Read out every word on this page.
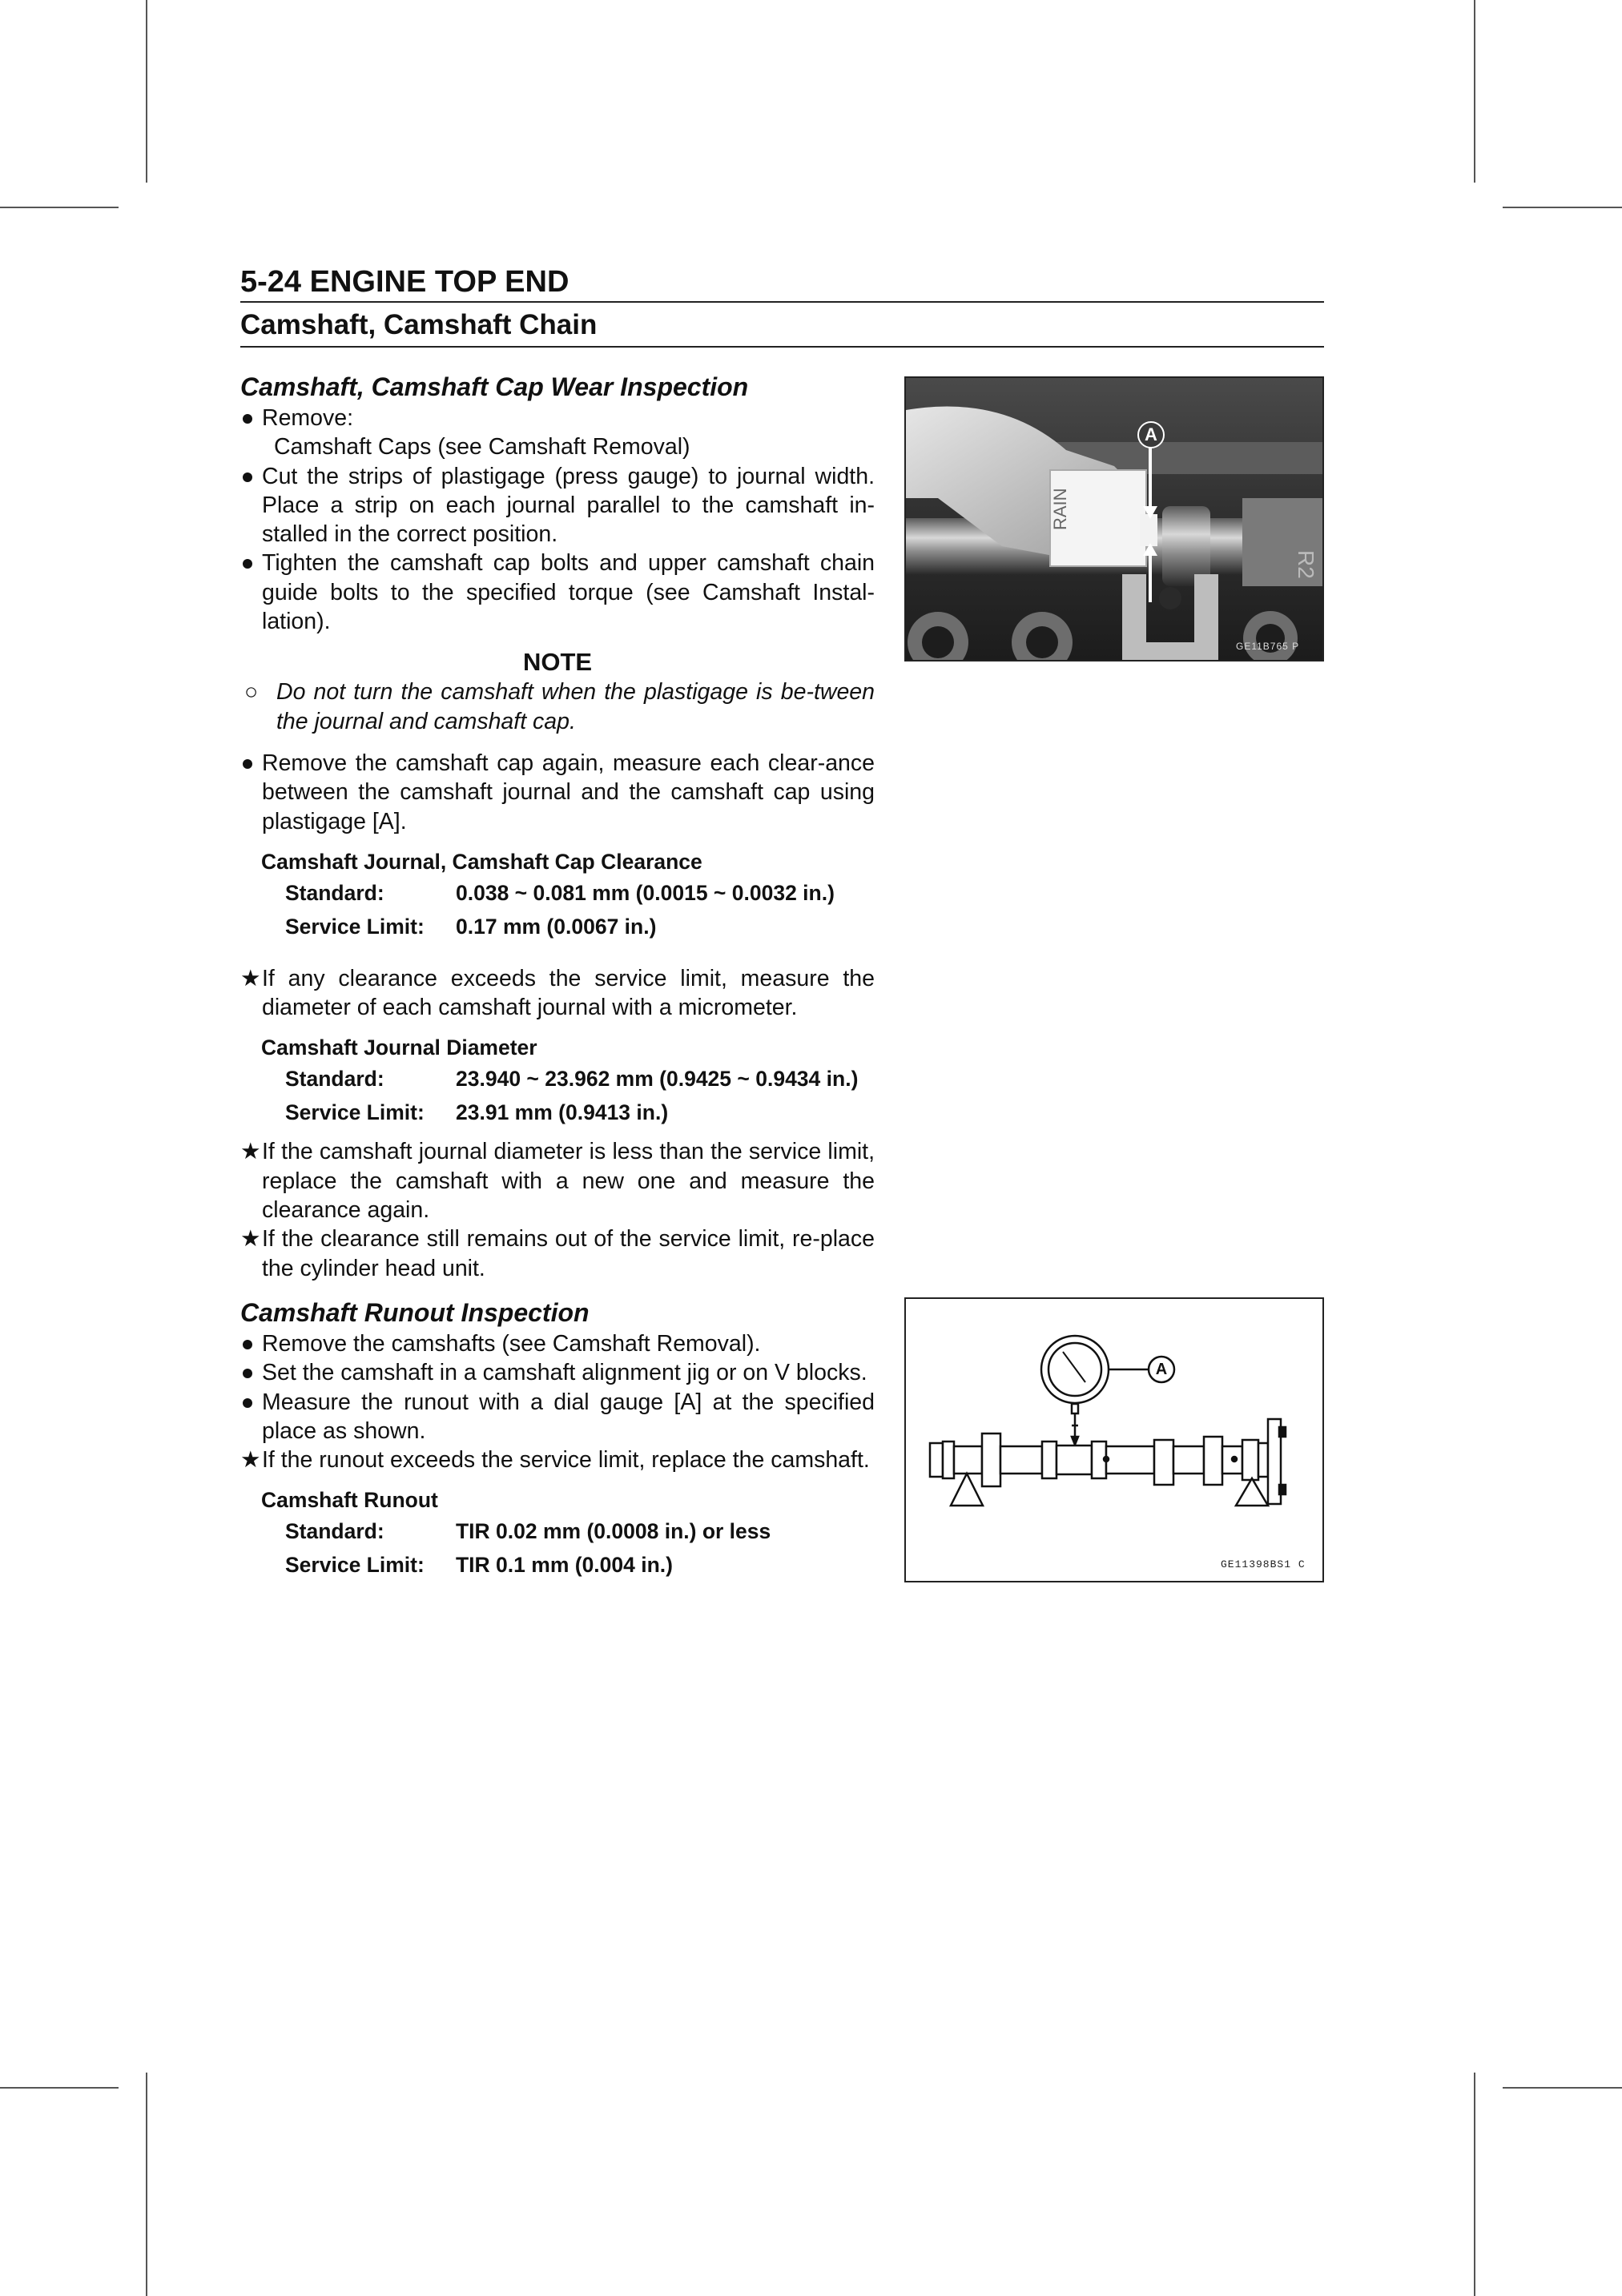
5-24 ENGINE TOP END
Camshaft, Camshaft Chain
Camshaft, Camshaft Cap Wear Inspection
Remove:
Camshaft Caps (see Camshaft Removal)
Cut the strips of plastigage (press gauge) to journal width. Place a strip on each journal parallel to the camshaft in-stalled in the correct position.
Tighten the camshaft cap bolts and upper camshaft chain guide bolts to the specified torque (see Camshaft Instal-lation).
NOTE
○ Do not turn the camshaft when the plastigage is be-tween the journal and camshaft cap.
Remove the camshaft cap again, measure each clear-ance between the camshaft journal and the camshaft cap using plastigage [A].
Camshaft Journal, Camshaft Cap Clearance
Standard:	0.038 ~ 0.081 mm (0.0015 ~ 0.0032 in.)
Service Limit: 0.17 mm (0.0067 in.)
★ If any clearance exceeds the service limit, measure the diameter of each camshaft journal with a micrometer.
Camshaft Journal Diameter
Standard:	23.940 ~ 23.962 mm (0.9425 ~ 0.9434 in.)
Service Limit: 23.91 mm (0.9413 in.)
★ If the camshaft journal diameter is less than the service limit, replace the camshaft with a new one and measure the clearance again.
★ If the clearance still remains out of the service limit, re-place the cylinder head unit.
Camshaft Runout Inspection
Remove the camshafts (see Camshaft Removal).
Set the camshaft in a camshaft alignment jig or on V blocks.
Measure the runout with a dial gauge [A] at the specified place as shown.
★ If the runout exceeds the service limit, replace the camshaft.
Camshaft Runout
Standard:	TIR 0.02 mm (0.0008 in.) or less
Service Limit: TIR 0.1 mm (0.004 in.)
RAIN
R2
A
GE11B765 P
A
GE11398BS1 C
